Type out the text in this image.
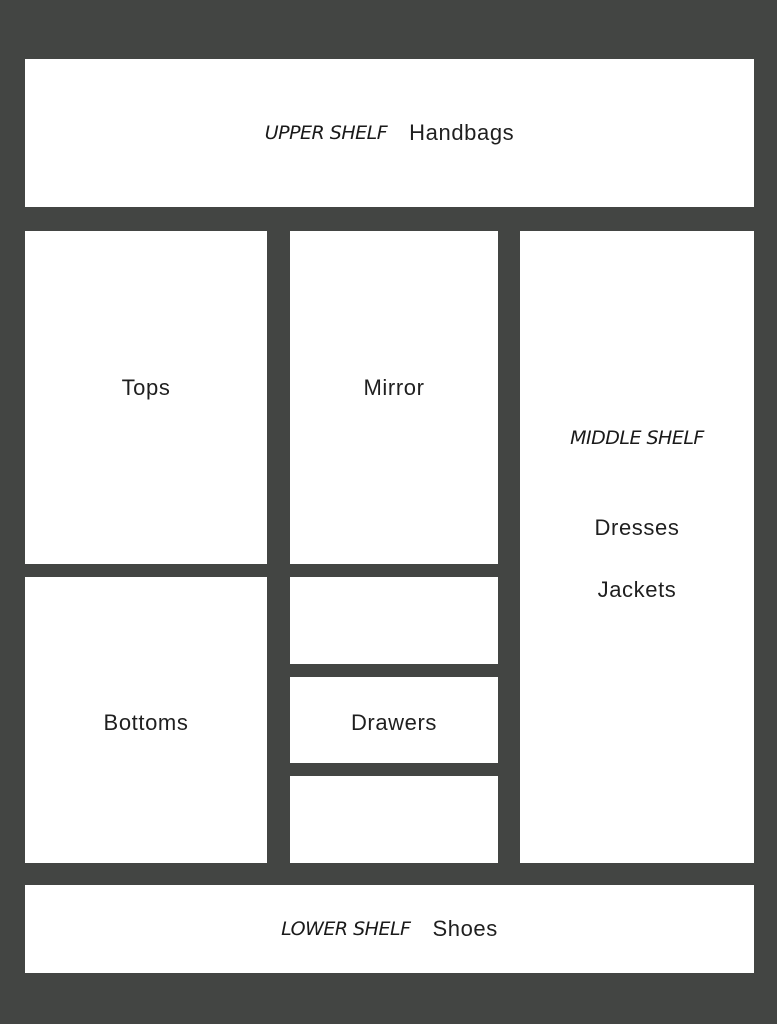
UPPER SHELF Handbags
Tops	Mirror
MIDDLE SHELF
Dresses
Jackets
Bottoms	Drawers
LOWER SHELF Shoes
